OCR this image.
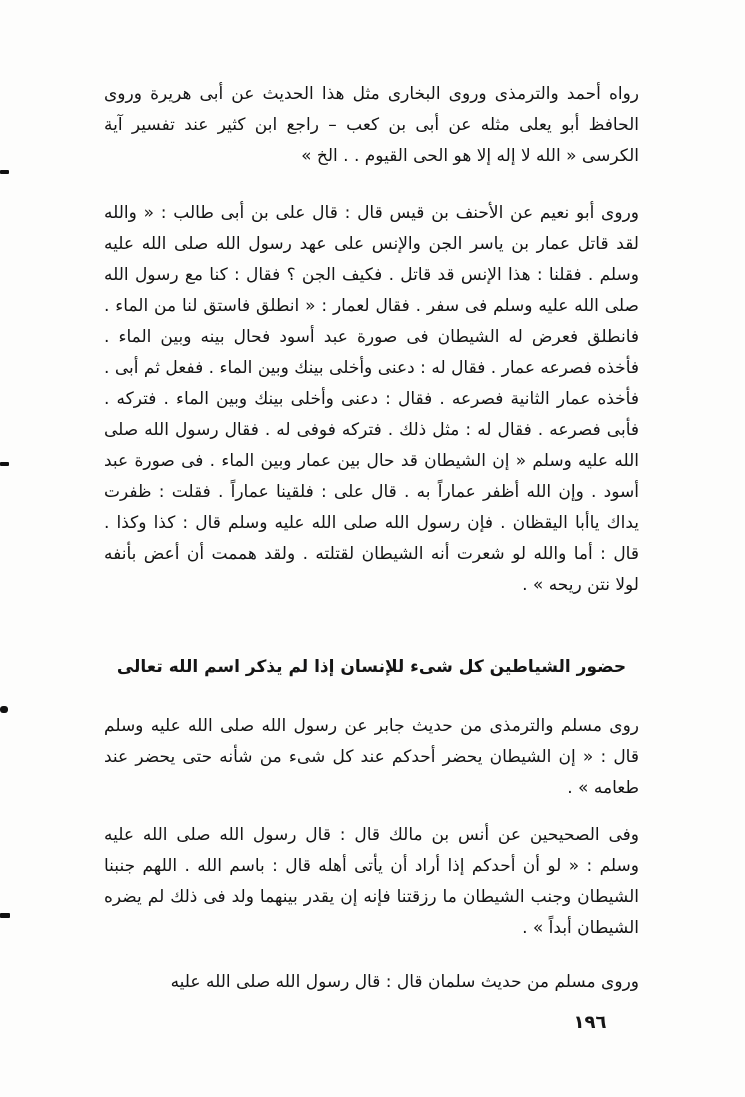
رواه أحمد والترمذى وروى البخارى مثل هذا الحديث عن أبى هريرة وروى الحافظ أبو يعلى مثله عن أبى بن كعب – راجع ابن كثير عند تفسير آية الكرسى « الله لا إله إلا هو الحى القيوم . . الخ »

وروى أبو نعيم عن الأحنف بن قيس قال : قال على بن أبى طالب : « والله لقد قاتل عمار بن ياسر الجن والإنس على عهد رسول الله صلى الله عليه وسلم . فقلنا : هذا الإنس قد قاتل . فكيف الجن ؟ فقال : كنا مع رسول الله صلى الله عليه وسلم فى سفر . فقال لعمار : « انطلق فاستق لنا من الماء . فانطلق فعرض له الشيطان فى صورة عبد أسود فحال بينه وبين الماء . فأخذه فصرعه عمار . فقال له : دعنى وأخلى بينك وبين الماء . ففعل ثم أبى . فأخذه عمار الثانية فصرعه . فقال : دعنى وأخلى بينك وبين الماء . فتركه . فأبى فصرعه . فقال له : مثل ذلك . فتركه فوفى له . فقال رسول الله صلى الله عليه وسلم « إن الشيطان قد حال بين عمار وبين الماء . فى صورة عبد أسود . وإن الله أظفر عماراً به . قال على : فلقينا عماراً . فقلت : ظفرت يداك ياأبا اليقظان . فإن رسول الله صلى الله عليه وسلم قال : كذا وكذا . قال : أما والله لو شعرت أنه الشيطان لقتلته . ولقد هممت أن أعض بأنفه لولا نتن ريحه » .

حضور الشياطين كل شىء للإنسان إذا لم يذكر اسم الله تعالى

روى مسلم والترمذى من حديث جابر عن رسول الله صلى الله عليه وسلم قال : « إن الشيطان يحضر أحدكم عند كل شىء من شأنه حتى يحضر عند طعامه » .

وفى الصحيحين عن أنس بن مالك قال : قال رسول الله صلى الله عليه وسلم : « لو أن أحدكم إذا أراد أن يأتى أهله قال : باسم الله . اللهم جنبنا الشيطان وجنب الشيطان ما رزقتنا فإنه إن يقدر بينهما ولد فى ذلك لم يضره الشيطان أبداً » .

وروى مسلم من حديث سلمان قال : قال رسول الله صلى الله عليه

١٩٦
